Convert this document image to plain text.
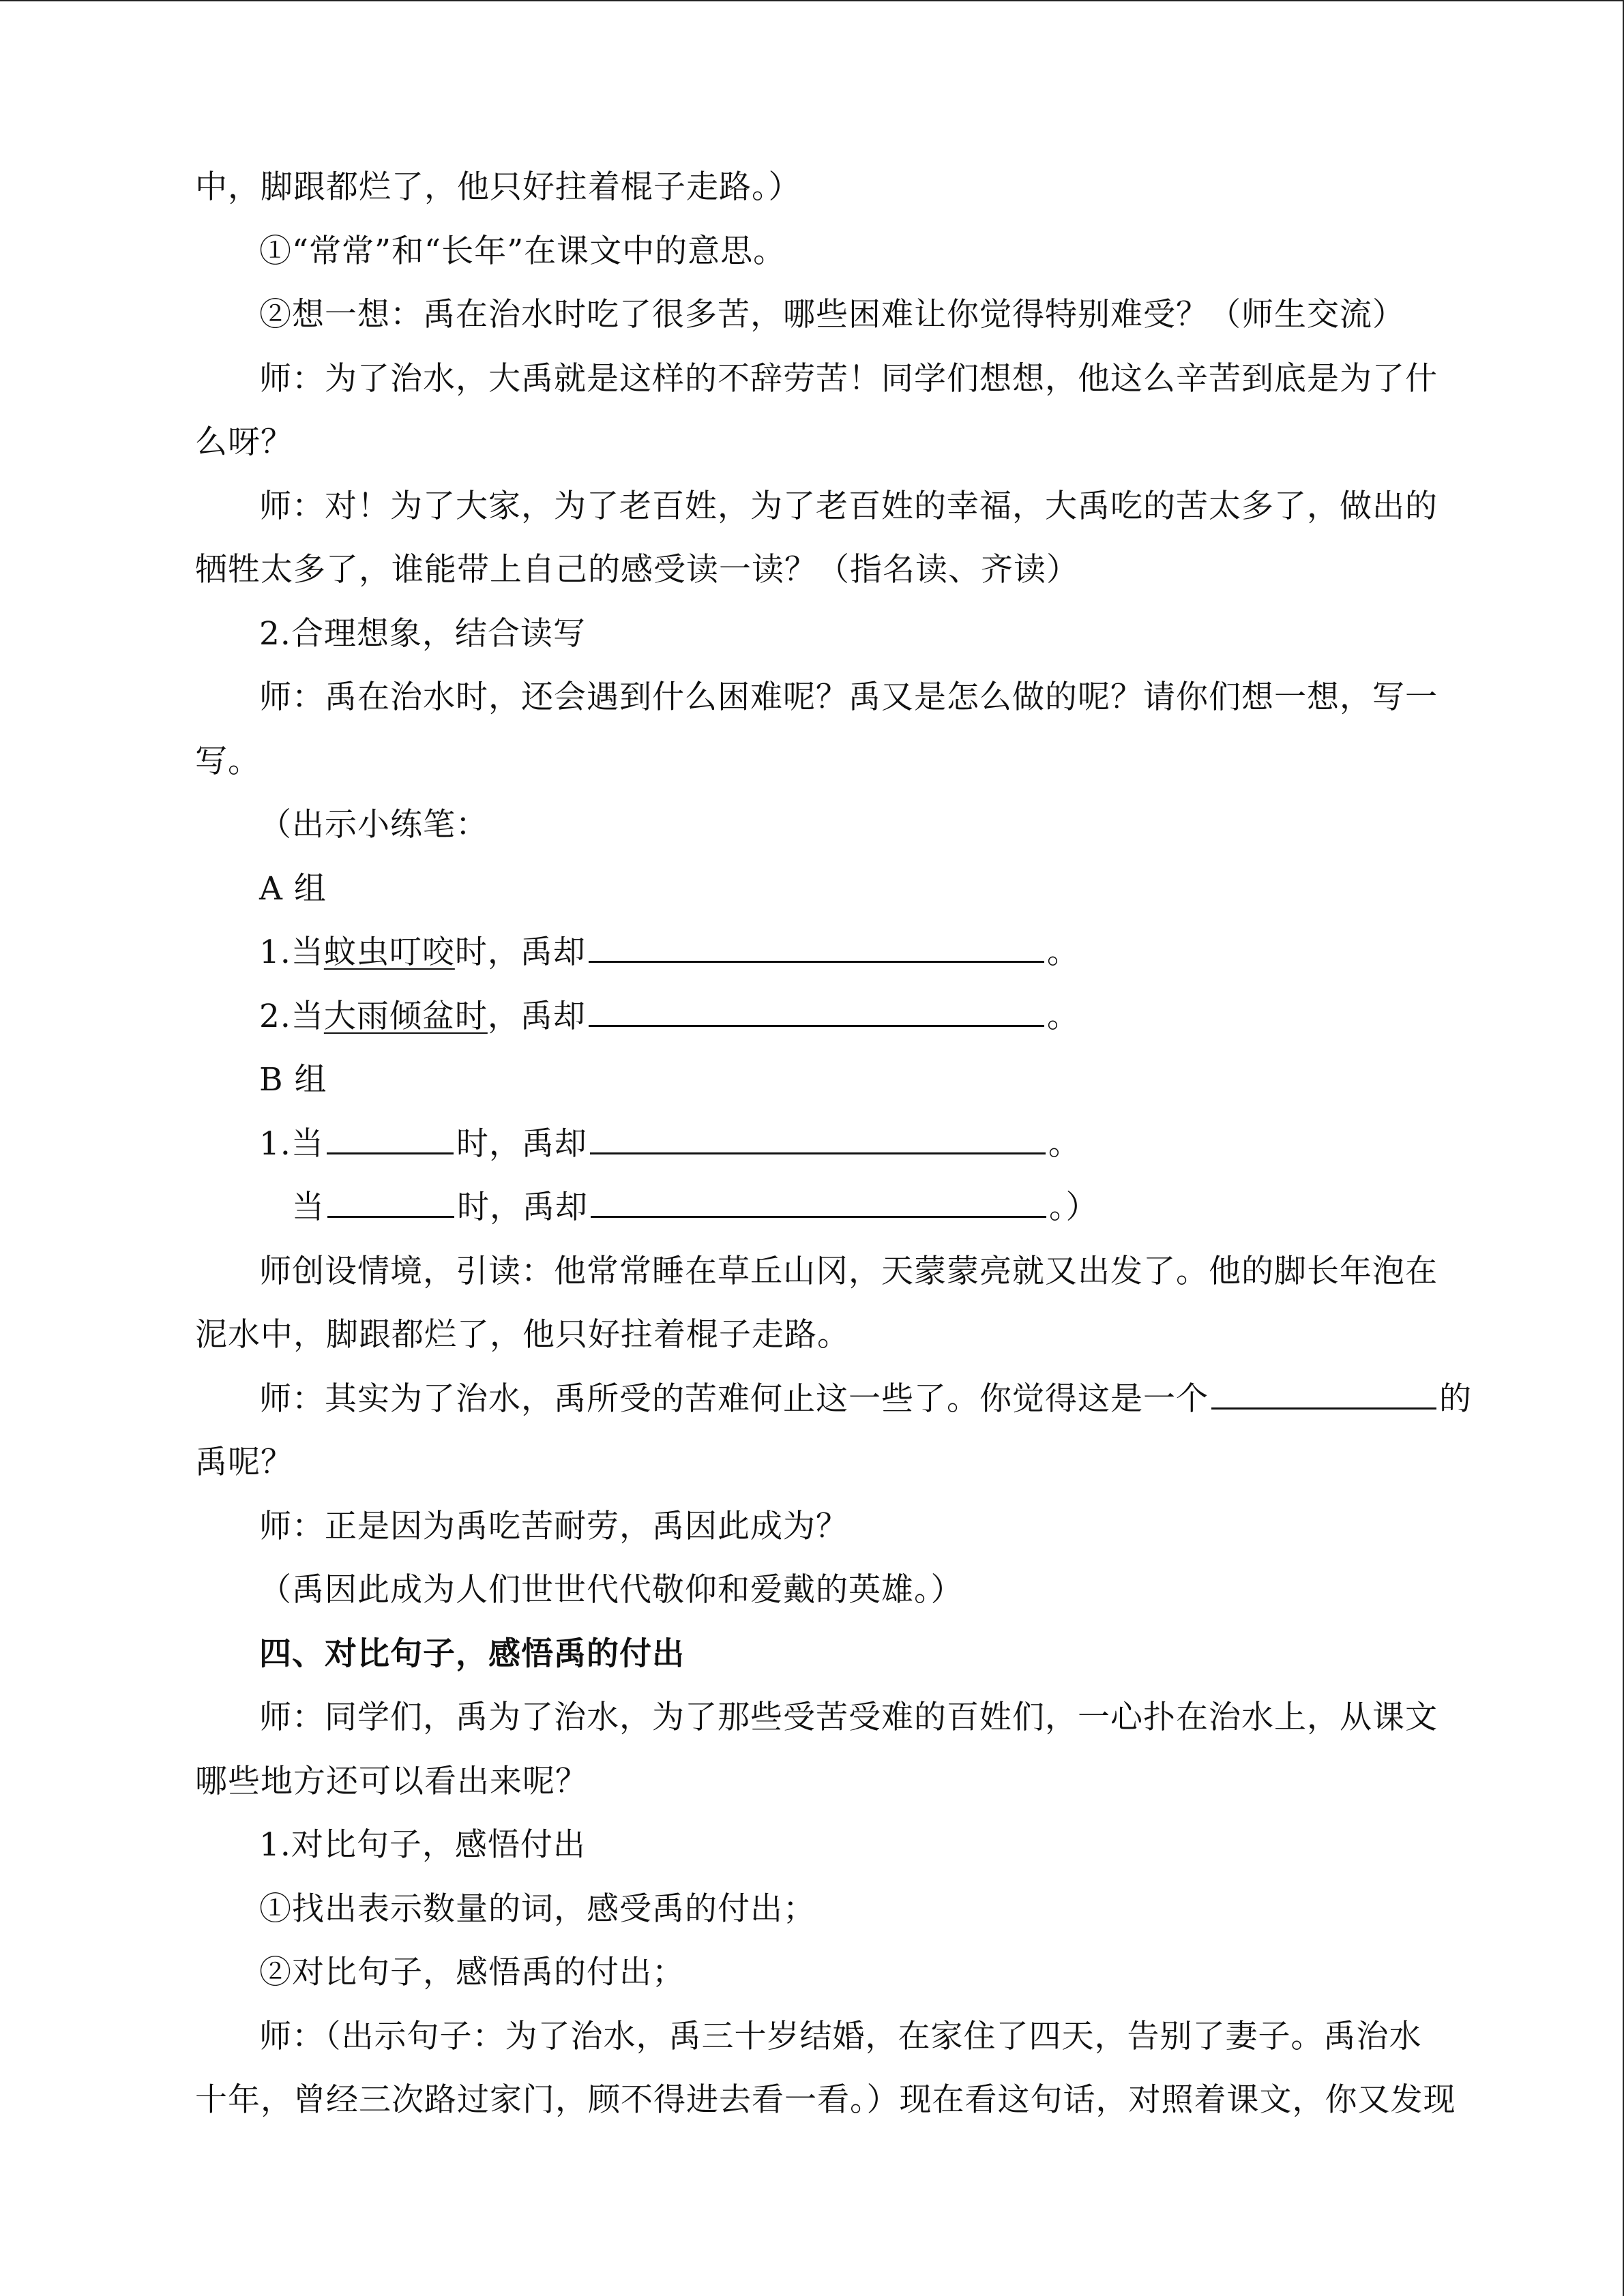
中，脚跟都烂了，他只好拄着棍子走路。）
①“常常”和“长年”在课文中的意思。
②想一想：禹在治水时吃了很多苦，哪些困难让你觉得特别难受？（师生交流）
师：为了治水，大禹就是这样的不辞劳苦！同学们想想，他这么辛苦到底是为了什
么呀？
师：对！为了大家，为了老百姓，为了老百姓的幸福，大禹吃的苦太多了，做出的
牺牲太多了，谁能带上自己的感受读一读？（指名读、齐读）
2.合理想象，结合读写
师：禹在治水时，还会遇到什么困难呢？禹又是怎么做的呢？请你们想一想，写一
写。
（出示小练笔：
A 组
1.当蚊虫叮咬时，禹却	。
2.当大雨倾盆时，禹却	。
B 组
1.当	时，禹却	。
当	时，禹却	。）
师创设情境，引读：他常常睡在草丘山冈，天蒙蒙亮就又出发了。他的脚长年泡在
泥水中，脚跟都烂了，他只好拄着棍子走路。
师：其实为了治水，禹所受的苦难何止这一些了。你觉得这是一个	的
禹呢？
师：正是因为禹吃苦耐劳，禹因此成为？
（禹因此成为人们世世代代敬仰和爱戴的英雄。）
四、对比句子，感悟禹的付出
师：同学们，禹为了治水，为了那些受苦受难的百姓们，一心扑在治水上，从课文
哪些地方还可以看出来呢？
1.对比句子，感悟付出
①找出表示数量的词，感受禹的付出；
②对比句子，感悟禹的付出；
师：（出示句子：为了治水，禹三十岁结婚，在家住了四天，告别了妻子。禹治水
十年，曾经三次路过家门，顾不得进去看一看。）现在看这句话，对照着课文，你又发现
